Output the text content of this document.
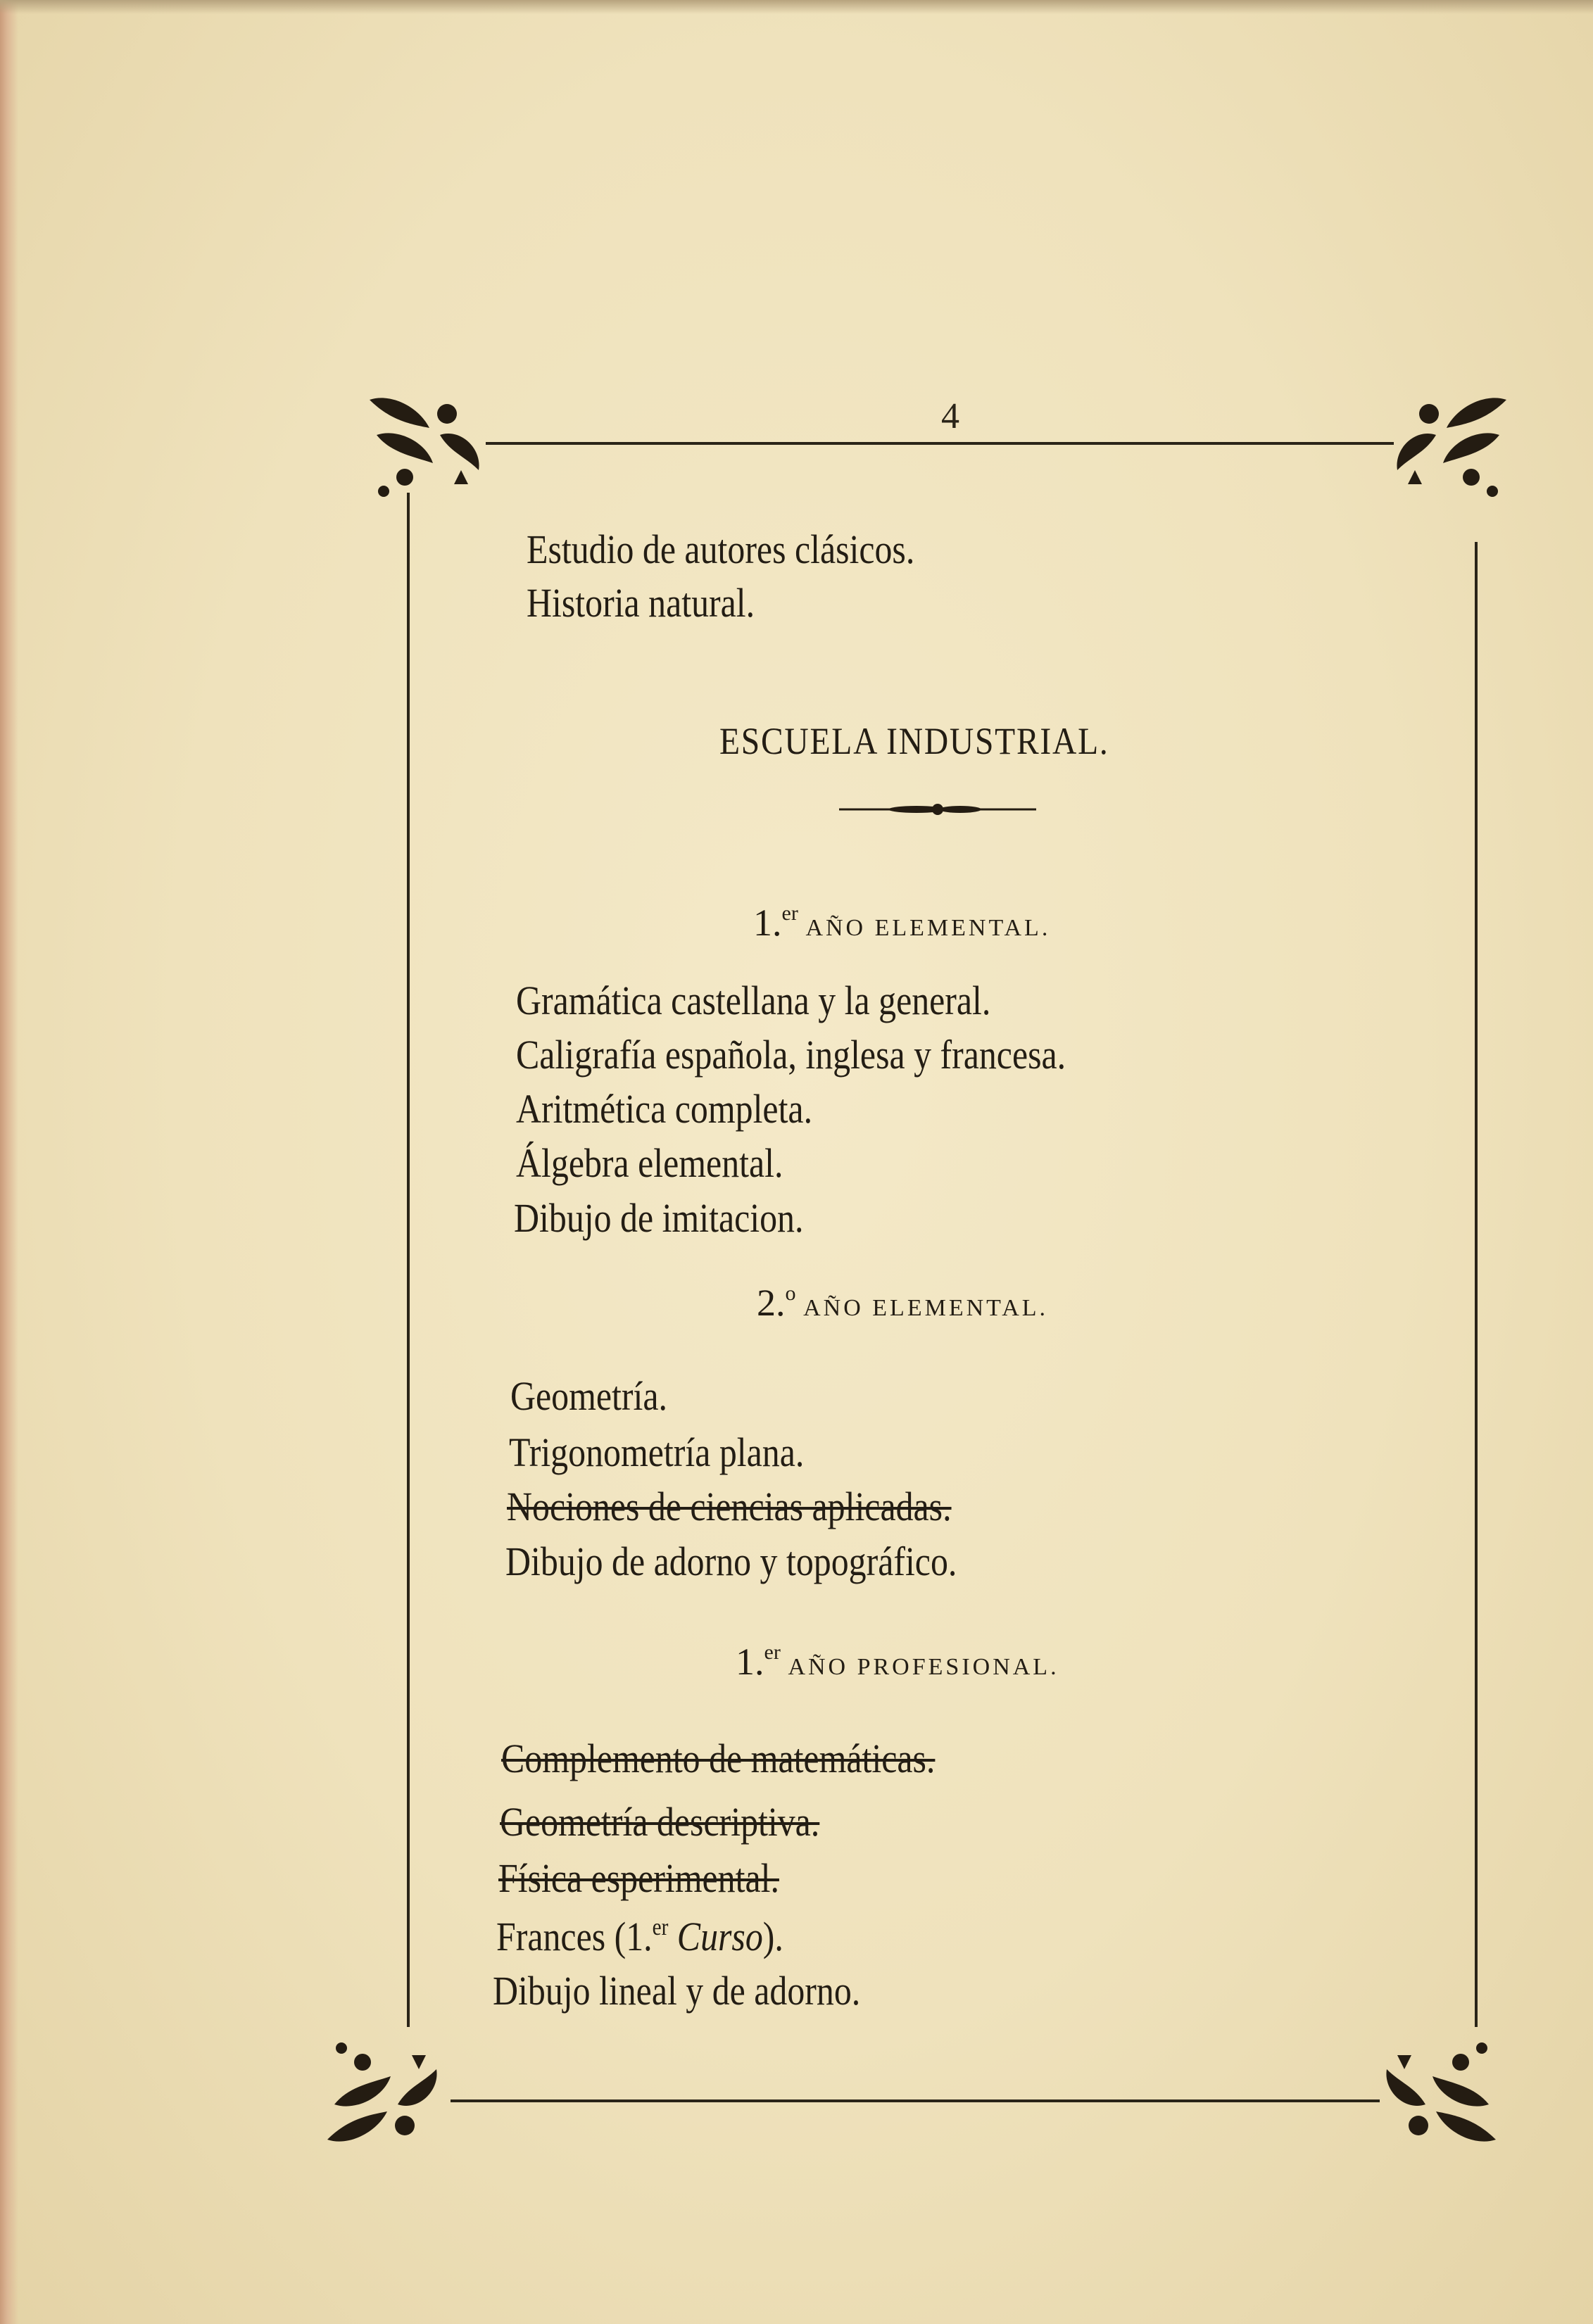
4
Estudio de autores clásicos.
Historia natural.
ESCUELA INDUSTRIAL.
1.$^{er}$ AÑO ELEMENTAL.
Gramática castellana y la general.
Caligrafía española, inglesa y francesa.
Aritmética completa.
Álgebra elemental.
Dibujo de imitacion.
2.$^o$ AÑO ELEMENTAL.
Geometría.
Trigonometría plana.
Nociones de ciencias aplicadas.
Dibujo de adorno y topográfico.
1.$^{er}$ AÑO PROFESIONAL.
Complemento de matemáticas.
Geometría descriptiva.
Física esperimental.
Frances (1.$^{er}$ Curso).
Dibujo lineal y de adorno.
